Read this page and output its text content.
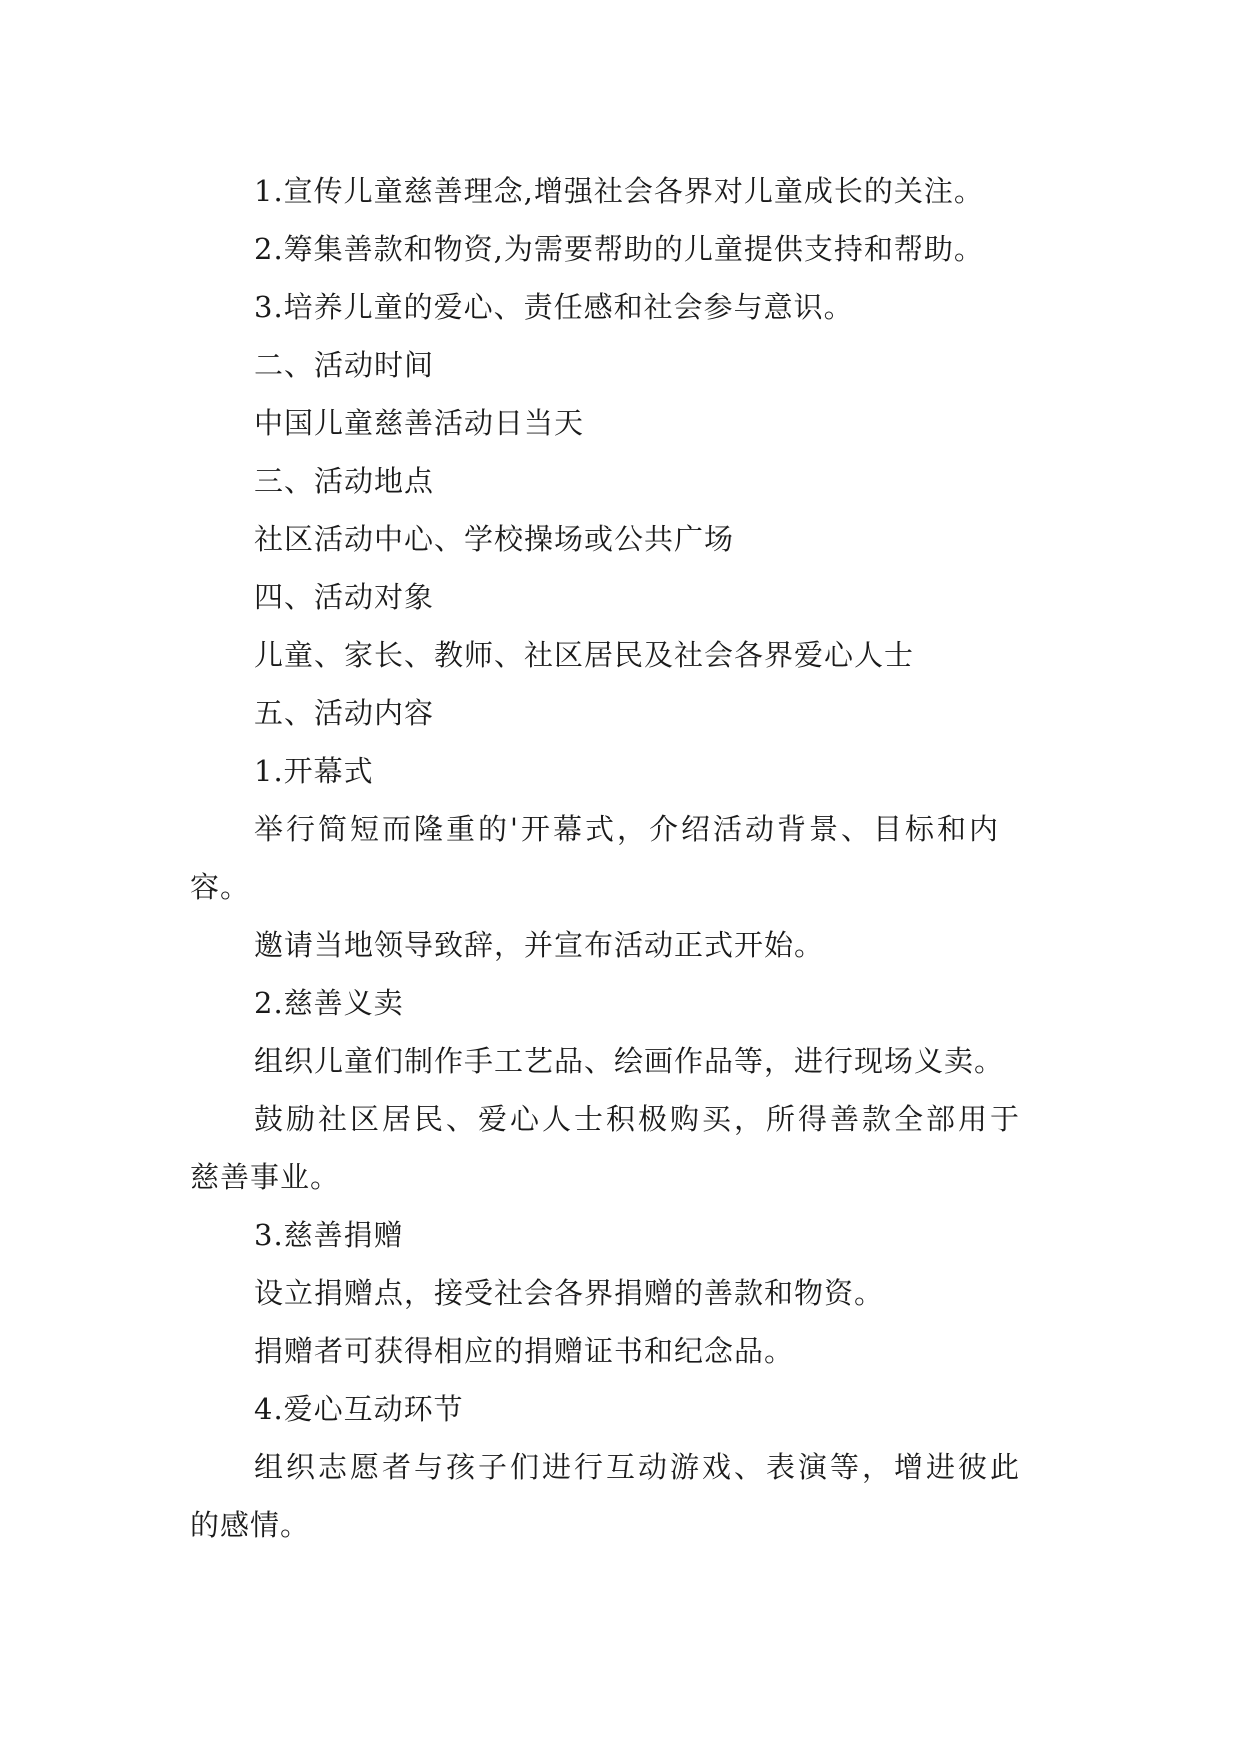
1.宣传儿童慈善理念,增强社会各界对儿童成长的关注。
2.筹集善款和物资,为需要帮助的儿童提供支持和帮助。
3.培养儿童的爱心、责任感和社会参与意识。
二、活动时间
中国儿童慈善活动日当天
三、活动地点
社区活动中心、学校操场或公共广场
四、活动对象
儿童、家长、教师、社区居民及社会各界爱心人士
五、活动内容
1.开幕式
举行简短而隆重的'开幕式，介绍活动背景、目标和内
容。
邀请当地领导致辞，并宣布活动正式开始。
2.慈善义卖
组织儿童们制作手工艺品、绘画作品等，进行现场义卖。
鼓励社区居民、爱心人士积极购买，所得善款全部用于
慈善事业。
3.慈善捐赠
设立捐赠点，接受社会各界捐赠的善款和物资。
捐赠者可获得相应的捐赠证书和纪念品。
4.爱心互动环节
组织志愿者与孩子们进行互动游戏、表演等，增进彼此
的感情。
